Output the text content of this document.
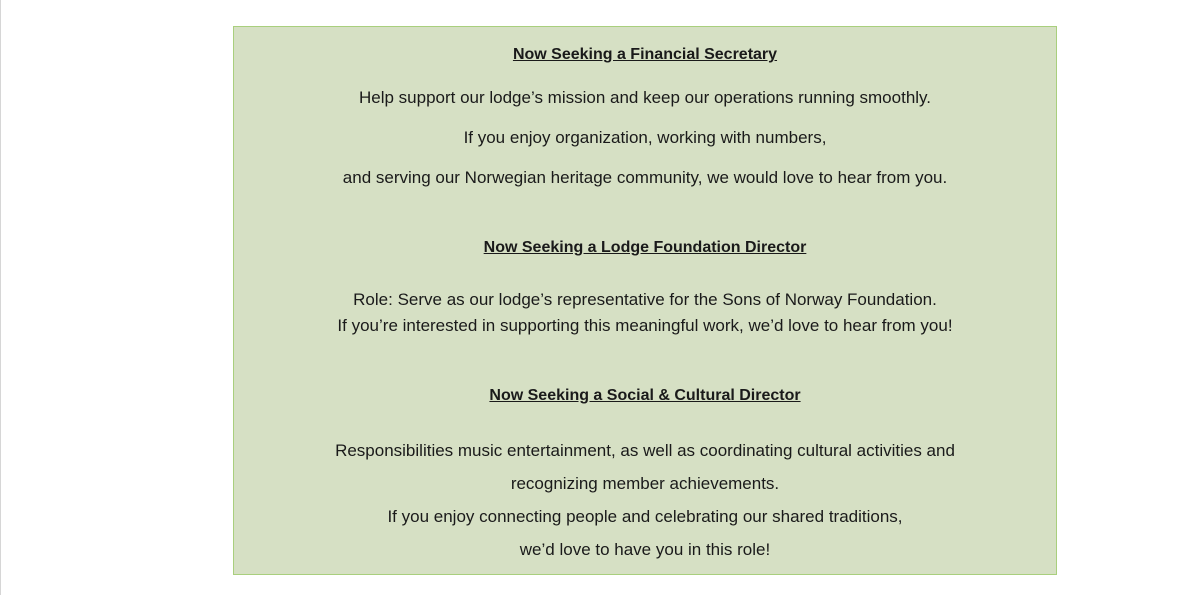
Now Seeking a Financial Secretary
Help support our lodge’s mission and keep our operations running smoothly.
If you enjoy organization, working with numbers,
and serving our Norwegian heritage community, we would love to hear from you.
Now Seeking a Lodge Foundation Director
Role: Serve as our lodge’s representative for the Sons of Norway Foundation.
If you’re interested in supporting this meaningful work, we’d love to hear from you!
Now Seeking a Social & Cultural Director
Responsibilities music entertainment, as well as coordinating cultural activities and
recognizing member achievements.
If you enjoy connecting people and celebrating our shared traditions,
we’d love to have you in this role!
